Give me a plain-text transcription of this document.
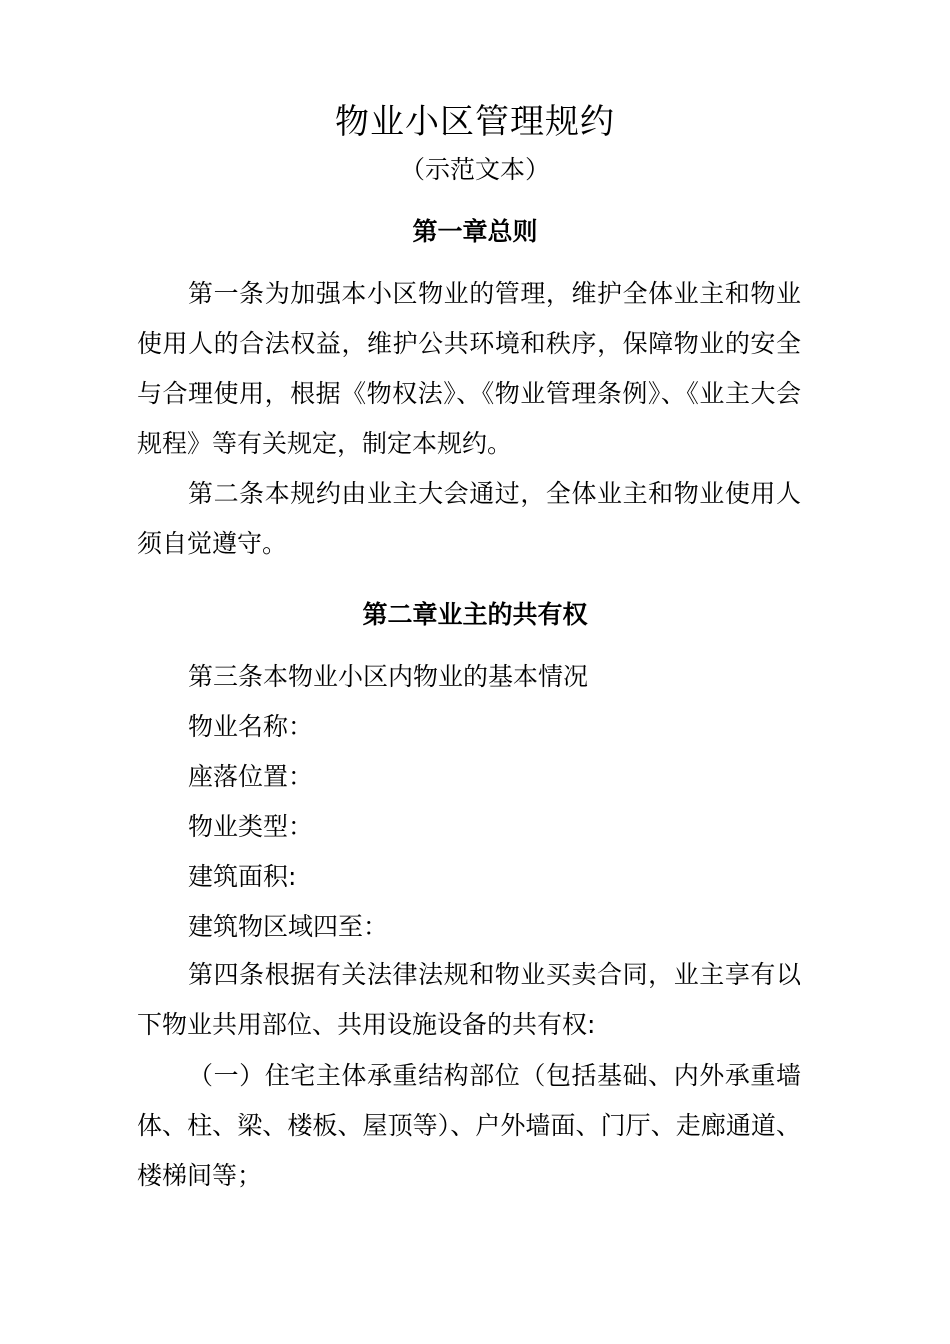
物业小区管理规约
（示范文本）
第一章总则

第一条为加强本小区物业的管理，维护全体业主和物业使用人的合法权益，维护公共环境和秩序，保障物业的安全与合理使用，根据《物权法》、《物业管理条例》、《业主大会规程》等有关规定，制定本规约。

第二条本规约由业主大会通过，全体业主和物业使用人须自觉遵守。

第二章业主的共有权
第三条本物业小区内物业的基本情况
物业名称：
座落位置：
物业类型：
建筑面积:
建筑物区域四至：

第四条根据有关法律法规和物业买卖合同，业主享有以下物业共用部位、共用设施设备的共有权:

（一）住宅主体承重结构部位（包括基础、内外承重墙体、柱、梁、楼板、屋顶等）、户外墙面、门厅、走廊通道、楼梯间等；
